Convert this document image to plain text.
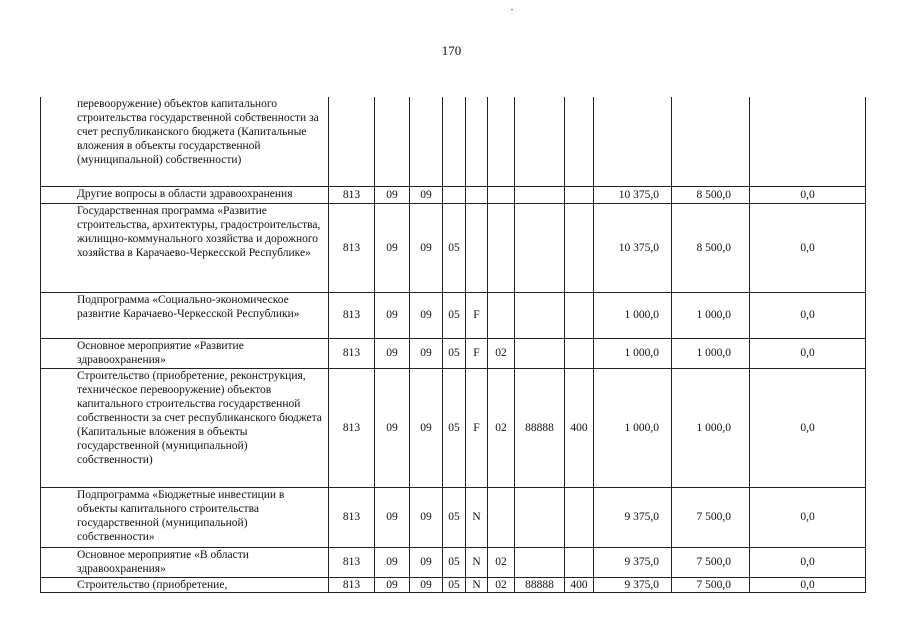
170
перевооружение) объектов капитального строительства государственной собственности за счет республиканского бюджета (Капитальные вложения в объекты государственной (муниципальной) собственности)											
Другие вопросы в области здравоохранения	813	09	09						10 375,0	8 500,0	0,0
Государственная программа «Развитие строительства, архитектуры, градостроительства, жилищно-коммунального хозяйства и дорожного хозяйства в Карачаево-Черкесской Республике»	813	09	09	05					10 375,0	8 500,0	0,0
Подпрограмма «Социально-экономическое развитие Карачаево-Черкесской Республики»	813	09	09	05	F				1 000,0	1 000,0	0,0
Основное мероприятие «Развитие здравоохранения»	813	09	09	05	F	02			1 000,0	1 000,0	0,0
Строительство (приобретение, реконструкция, техническое перевооружение) объектов капитального строительства государственной собственности за счет республиканского бюджета (Капитальные вложения в объекты государственной (муниципальной) собственности)	813	09	09	05	F	02	88888	400	1 000,0	1 000,0	0,0
Подпрограмма «Бюджетные инвестиции в объекты капитального строительства государственной (муниципальной) собственности»	813	09	09	05	N				9 375,0	7 500,0	0,0
Основное мероприятие «В области здравоохранения»	813	09	09	05	N	02			9 375,0	7 500,0	0,0
Строительство (приобретение,	813	09	09	05	N	02	88888	400	9 375,0	7 500,0	0,0
